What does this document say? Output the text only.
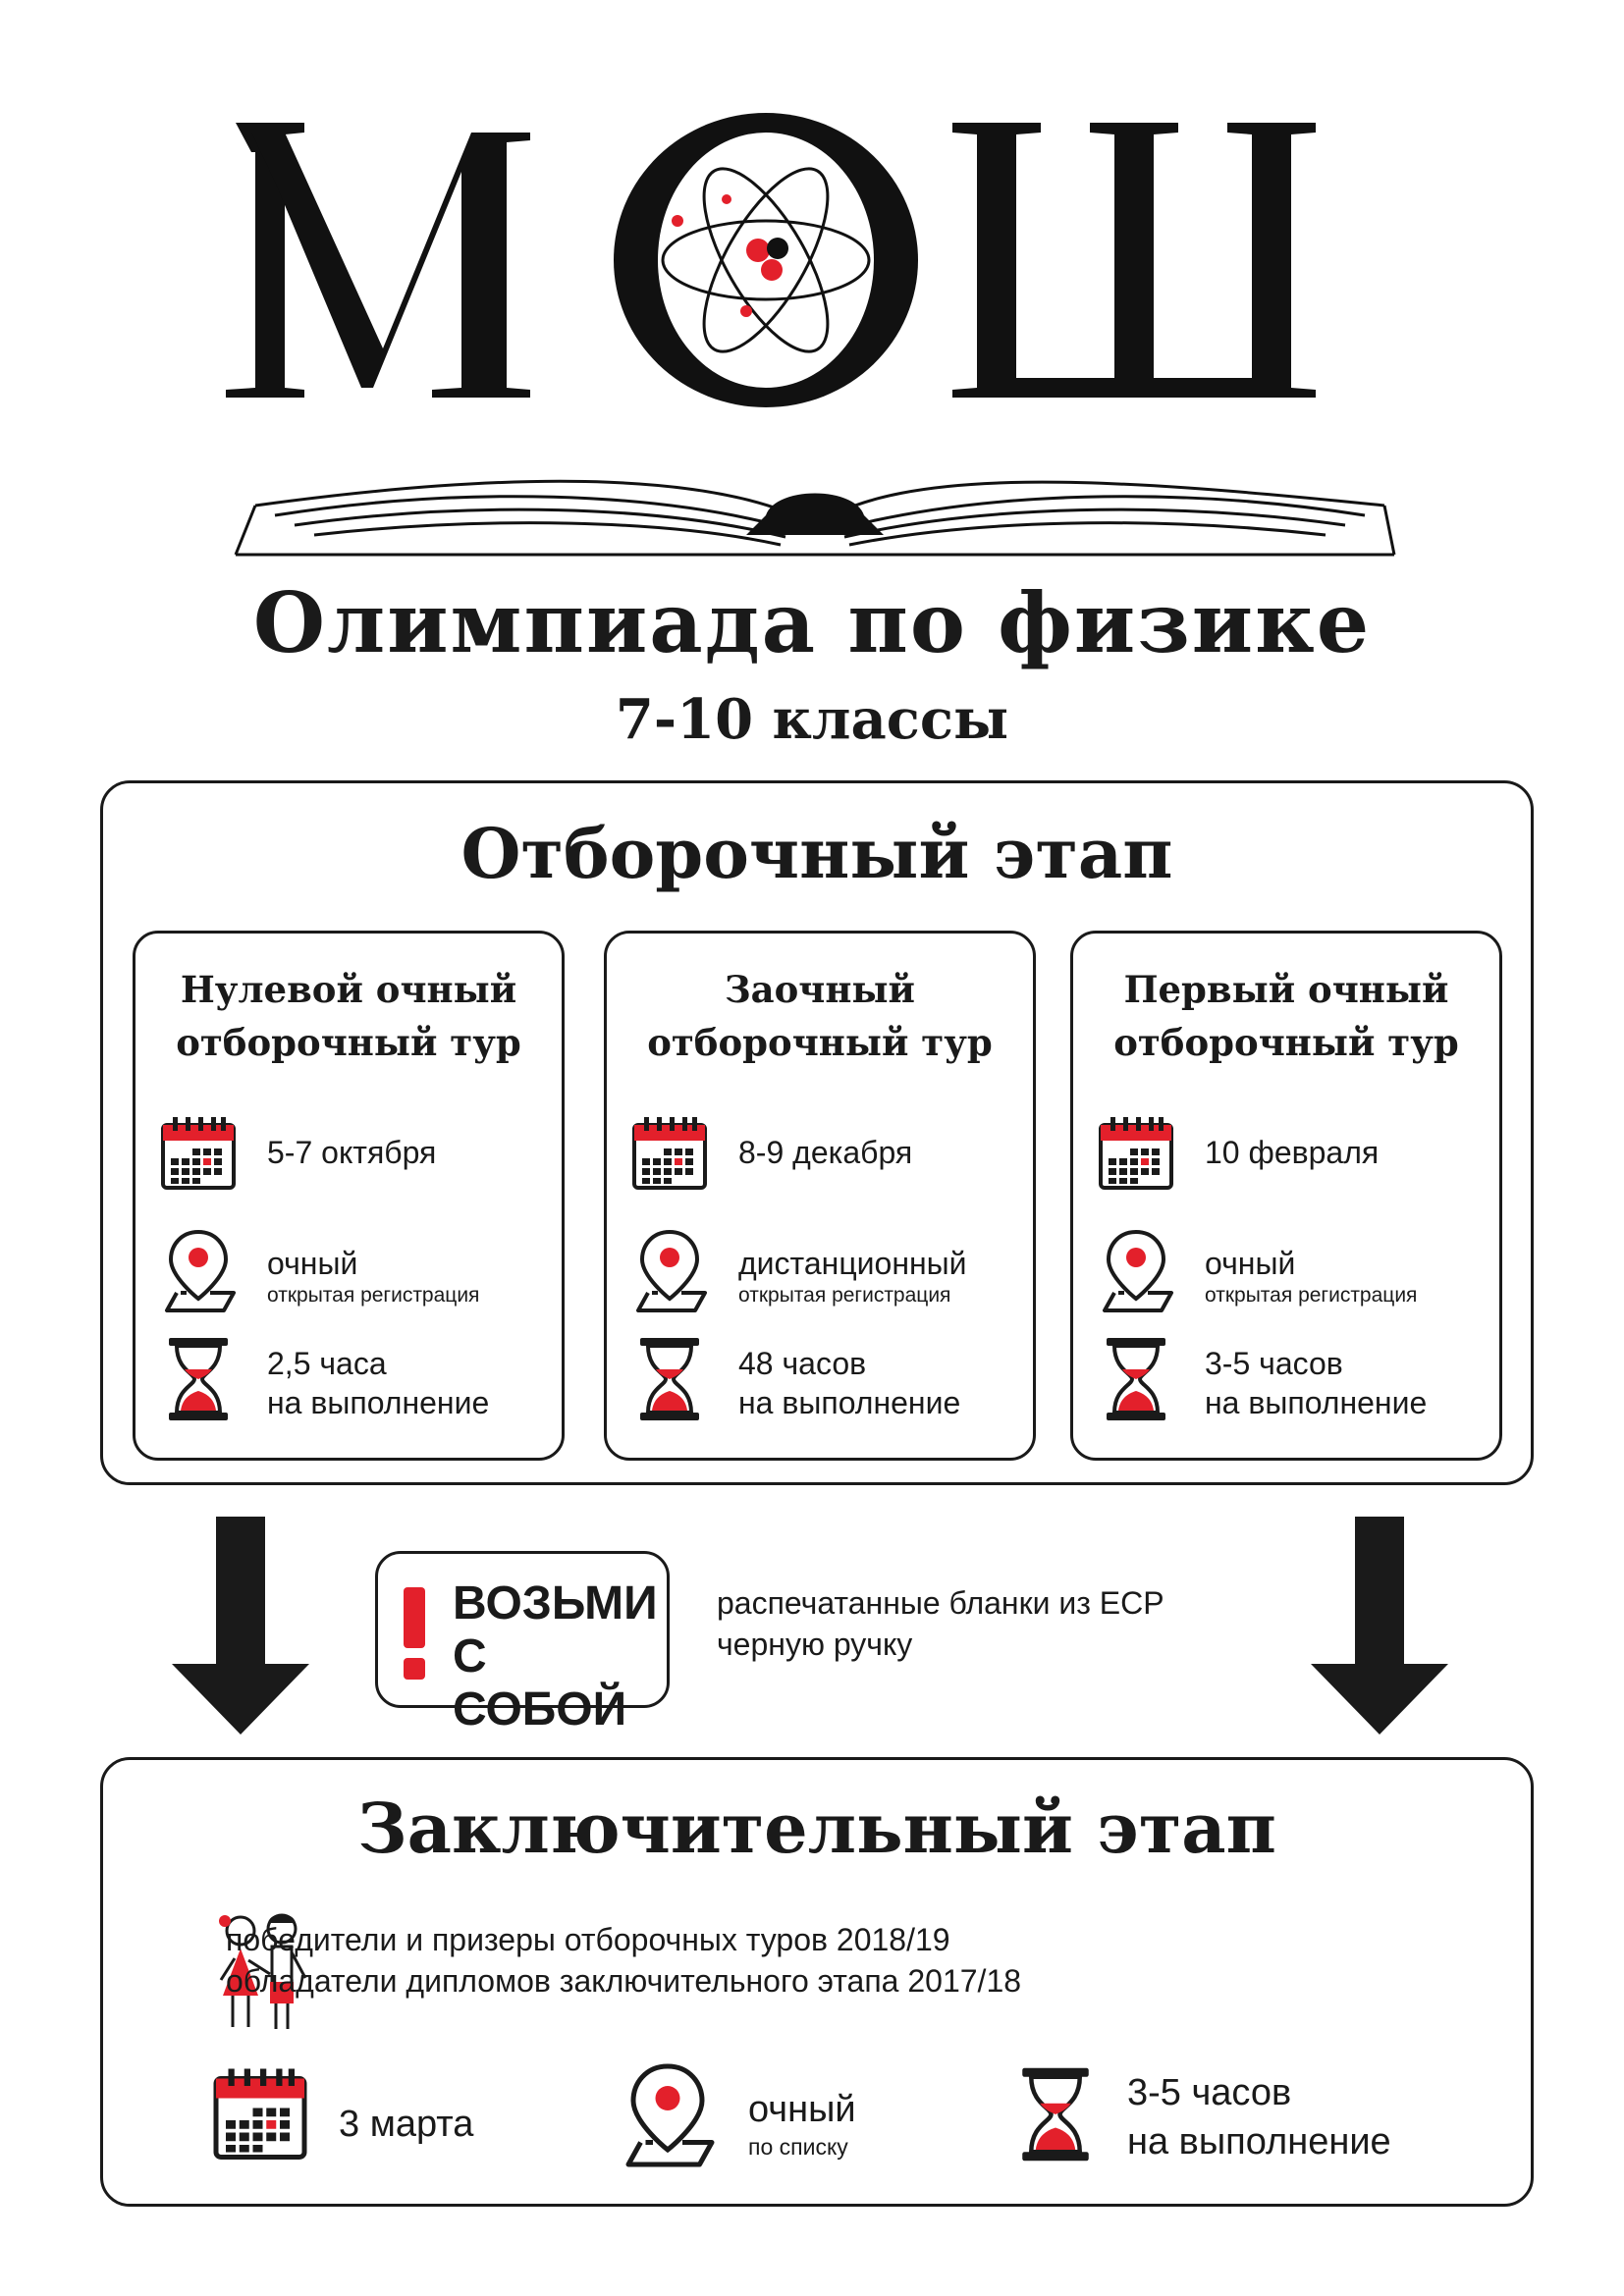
Олимпиада по физике
7-10 классы
Отборочный этап
Нулевой очный
отборочный тур
5-7 октября
очный
открытая регистрация
2,5 часа
на выполнение
Заочный
отборочный тур
8-9 декабря
дистанционный
открытая регистрация
48 часов
на выполнение
Первый очный
отборочный тур
10 февраля
очный
открытая регистрация
3-5 часов
на выполнение
ВОЗЬМИ
С СОБОЙ
распечатанные бланки из ЕСР
черную ручку
Заключительный этап
победители и призеры отборочных туров 2018/19
обладатели дипломов заключительного этапа 2017/18
3 марта	очный
по списку
3-5 часов
на выполнение
